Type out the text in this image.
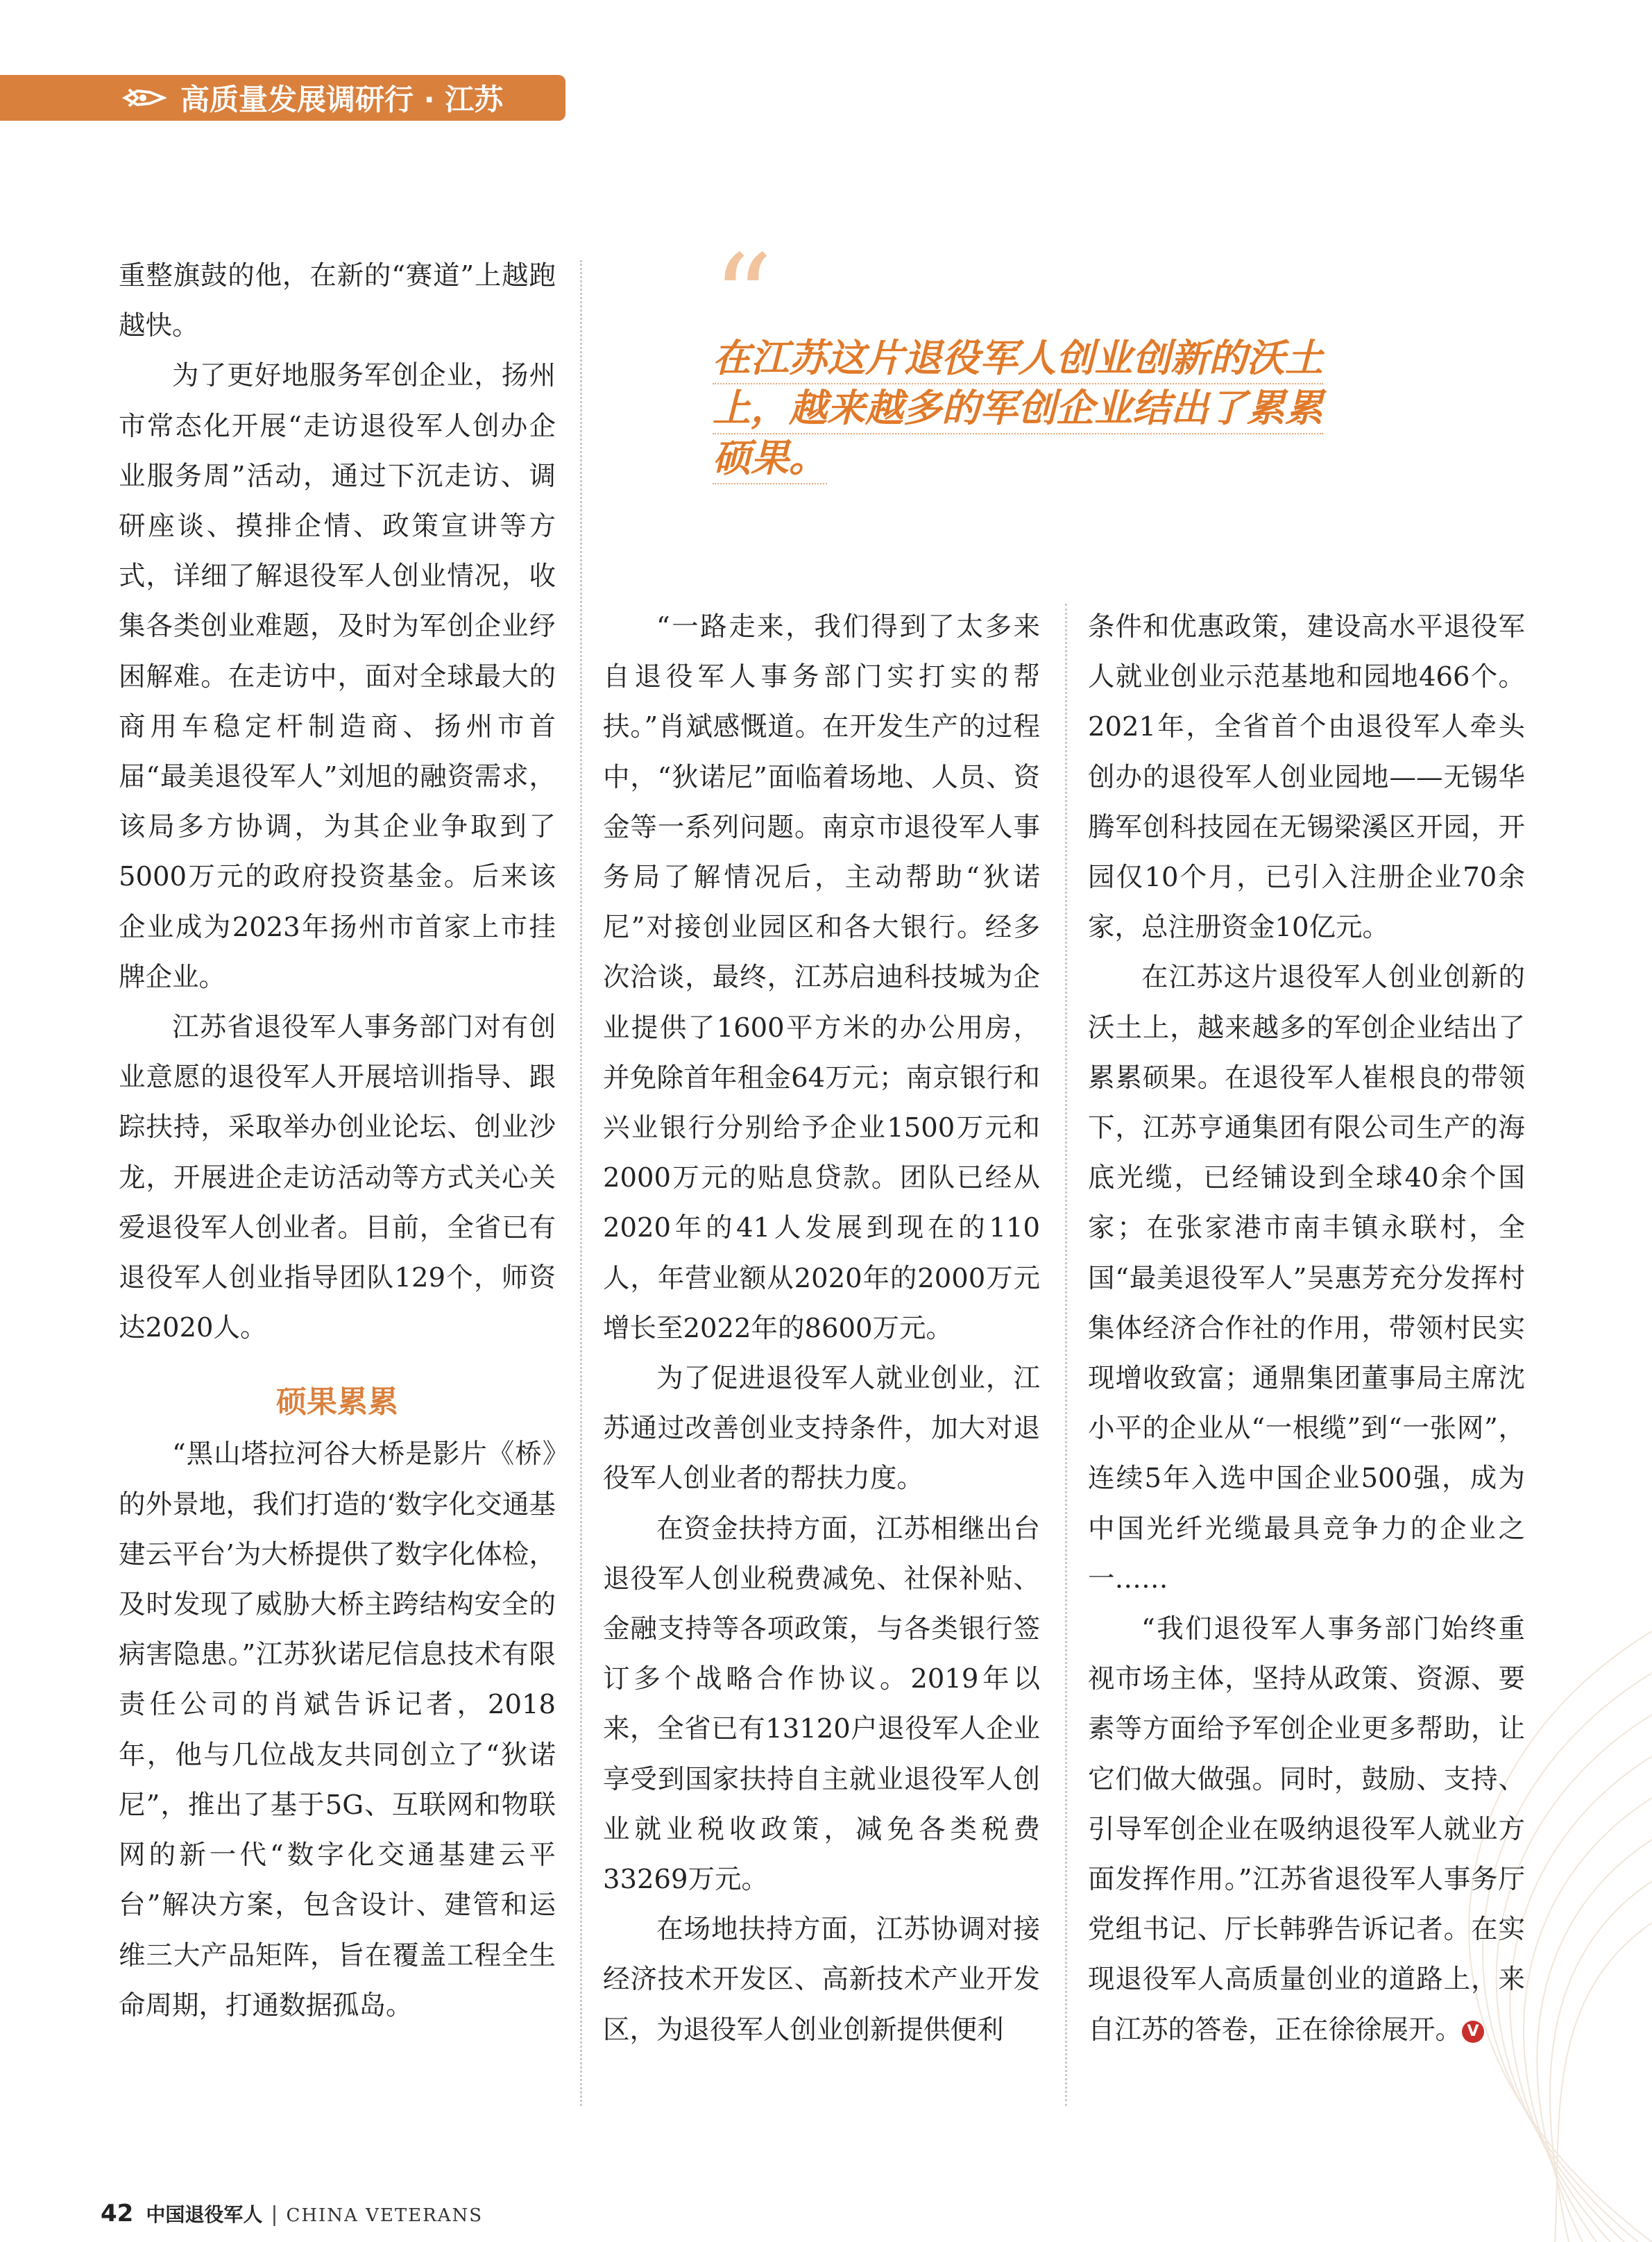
高质量发展调研行 · 江苏
“
在江苏这片退役军人创业创新的沃土
上，越来越多的军创企业结出了累累
硕果。

重整旗鼓的他，在新的“赛道”上越跑越快。

为了更好地服务军创企业，扬州市常态化开展“走访退役军人创办企业服务周”活动，通过下沉走访、调研座谈、摸排企情、政策宣讲等方式，详细了解退役军人创业情况，收集各类创业难题，及时为军创企业纾困解难。在走访中，面对全球最大的商用车稳定杆制造商、扬州市首届“最美退役军人”刘旭的融资需求，该局多方协调，为其企业争取到了5000万元的政府投资基金。后来该企业成为2023年扬州市首家上市挂牌企业。

江苏省退役军人事务部门对有创业意愿的退役军人开展培训指导、跟踪扶持，采取举办创业论坛、创业沙龙，开展进企走访活动等方式关心关爱退役军人创业者。目前，全省已有退役军人创业指导团队129个，师资达2020人。

硕果累累

“黑山塔拉河谷大桥是影片《桥》的外景地，我们打造的‘数字化交通基建云平台’为大桥提供了数字化体检，及时发现了威胁大桥主跨结构安全的病害隐患。”江苏狄诺尼信息技术有限责任公司的肖斌告诉记者，2018年，他与几位战友共同创立了“狄诺尼”，推出了基于5G、互联网和物联网的新一代“数字化交通基建云平台”解决方案，包含设计、建管和运维三大产品矩阵，旨在覆盖工程全生命周期，打通数据孤岛。

“一路走来，我们得到了太多来自退役军人事务部门实打实的帮扶。”肖斌感慨道。在开发生产的过程中，“狄诺尼”面临着场地、人员、资金等一系列问题。南京市退役军人事务局了解情况后，主动帮助“狄诺尼”对接创业园区和各大银行。经多次洽谈，最终，江苏启迪科技城为企业提供了1600平方米的办公用房，并免除首年租金64万元；南京银行和兴业银行分别给予企业1500万元和2000万元的贴息贷款。团队已经从2020年的41人发展到现在的110人，年营业额从2020年的2000万元增长至2022年的8600万元。

为了促进退役军人就业创业，江苏通过改善创业支持条件，加大对退役军人创业者的帮扶力度。

在资金扶持方面，江苏相继出台退役军人创业税费减免、社保补贴、金融支持等各项政策，与各类银行签订多个战略合作协议。2019年以来，全省已有13120户退役军人企业享受到国家扶持自主就业退役军人创业就业税收政策，减免各类税费33269万元。

在场地扶持方面，江苏协调对接经济技术开发区、高新技术产业开发区，为退役军人创业创新提供便利

条件和优惠政策，建设高水平退役军人就业创业示范基地和园地466个。2021年，全省首个由退役军人牵头创办的退役军人创业园地——无锡华腾军创科技园在无锡梁溪区开园，开园仅10个月，已引入注册企业70余家，总注册资金10亿元。

在江苏这片退役军人创业创新的沃土上，越来越多的军创企业结出了累累硕果。在退役军人崔根良的带领下，江苏亨通集团有限公司生产的海底光缆，已经铺设到全球40余个国家；在张家港市南丰镇永联村，全国“最美退役军人”吴惠芳充分发挥村集体经济合作社的作用，带领村民实现增收致富；通鼎集团董事局主席沈小平的企业从“一根缆”到“一张网”，连续5年入选中国企业500强，成为中国光纤光缆最具竞争力的企业之一……

“我们退役军人事务部门始终重视市场主体，坚持从政策、资源、要素等方面给予军创企业更多帮助，让它们做大做强。同时，鼓励、支持、引导军创企业在吸纳退役军人就业方面发挥作用。”江苏省退役军人事务厅党组书记、厅长韩骅告诉记者。在实现退役军人高质量创业的道路上，来自江苏的答卷，正在徐徐展开。 V

42 中国退役军人 | CHINA VETERANS
